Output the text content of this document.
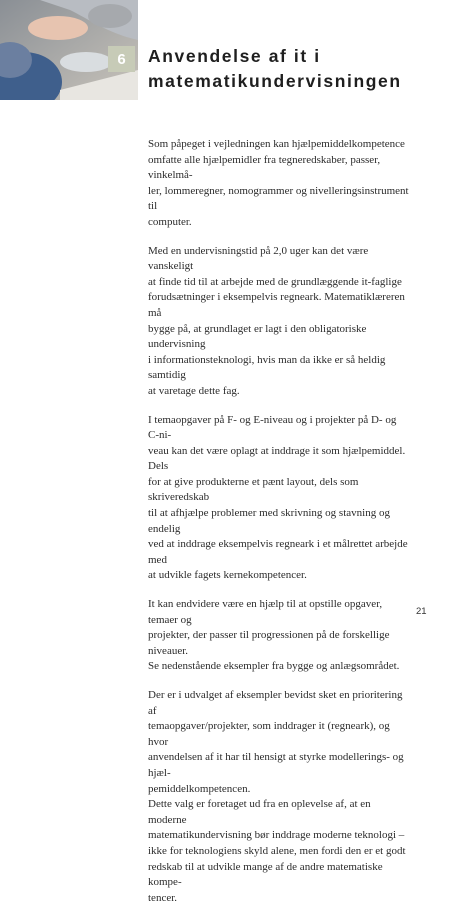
6 Anvendelse af it i
matematikundervisningen

Som påpeget i vejledningen kan hjælpemiddelkompetence
omfatte alle hjælpemidler fra tegneredskaber, passer, vinkelmå-
ler, lommeregner, nomogrammer og nivelleringsinstrument til
computer.

Med en undervisningstid på 2,0 uger kan det være vanskeligt
at finde tid til at arbejde med de grundlæggende it-faglige
forudsætninger i eksempelvis regneark. Matematiklæreren må
bygge på, at grundlaget er lagt i den obligatoriske undervisning
i informationsteknologi, hvis man da ikke er så heldig samtidig
at varetage dette fag.

I temaopgaver på F- og E-niveau og i projekter på D- og C-ni-
veau kan det være oplagt at inddrage it som hjælpemiddel. Dels
for at give produkterne et pænt layout, dels som skriveredskab
til at afhjælpe problemer med skrivning og stavning og endelig
ved at inddrage eksempelvis regneark i et målrettet arbejde med
at udvikle fagets kernekompetencer.

It kan endvidere være en hjælp til at opstille opgaver, temaer og
projekter, der passer til progressionen på de forskellige niveauer.
Se nedenstående eksempler fra bygge og anlægsområdet.

Der er i udvalget af eksempler bevidst sket en prioritering af
temaopgaver/projekter, som inddrager it (regneark), og hvor
anvendelsen af it har til hensigt at styrke modellerings- og hjæl-
pemiddelkompetencen.

Dette valg er foretaget ud fra en oplevelse af, at en moderne
matematikundervisning bør inddrage moderne teknologi –
ikke for teknologiens skyld alene, men fordi den er et godt
redskab til at udvikle mange af de andre matematiske kompe-
tencer.

21
